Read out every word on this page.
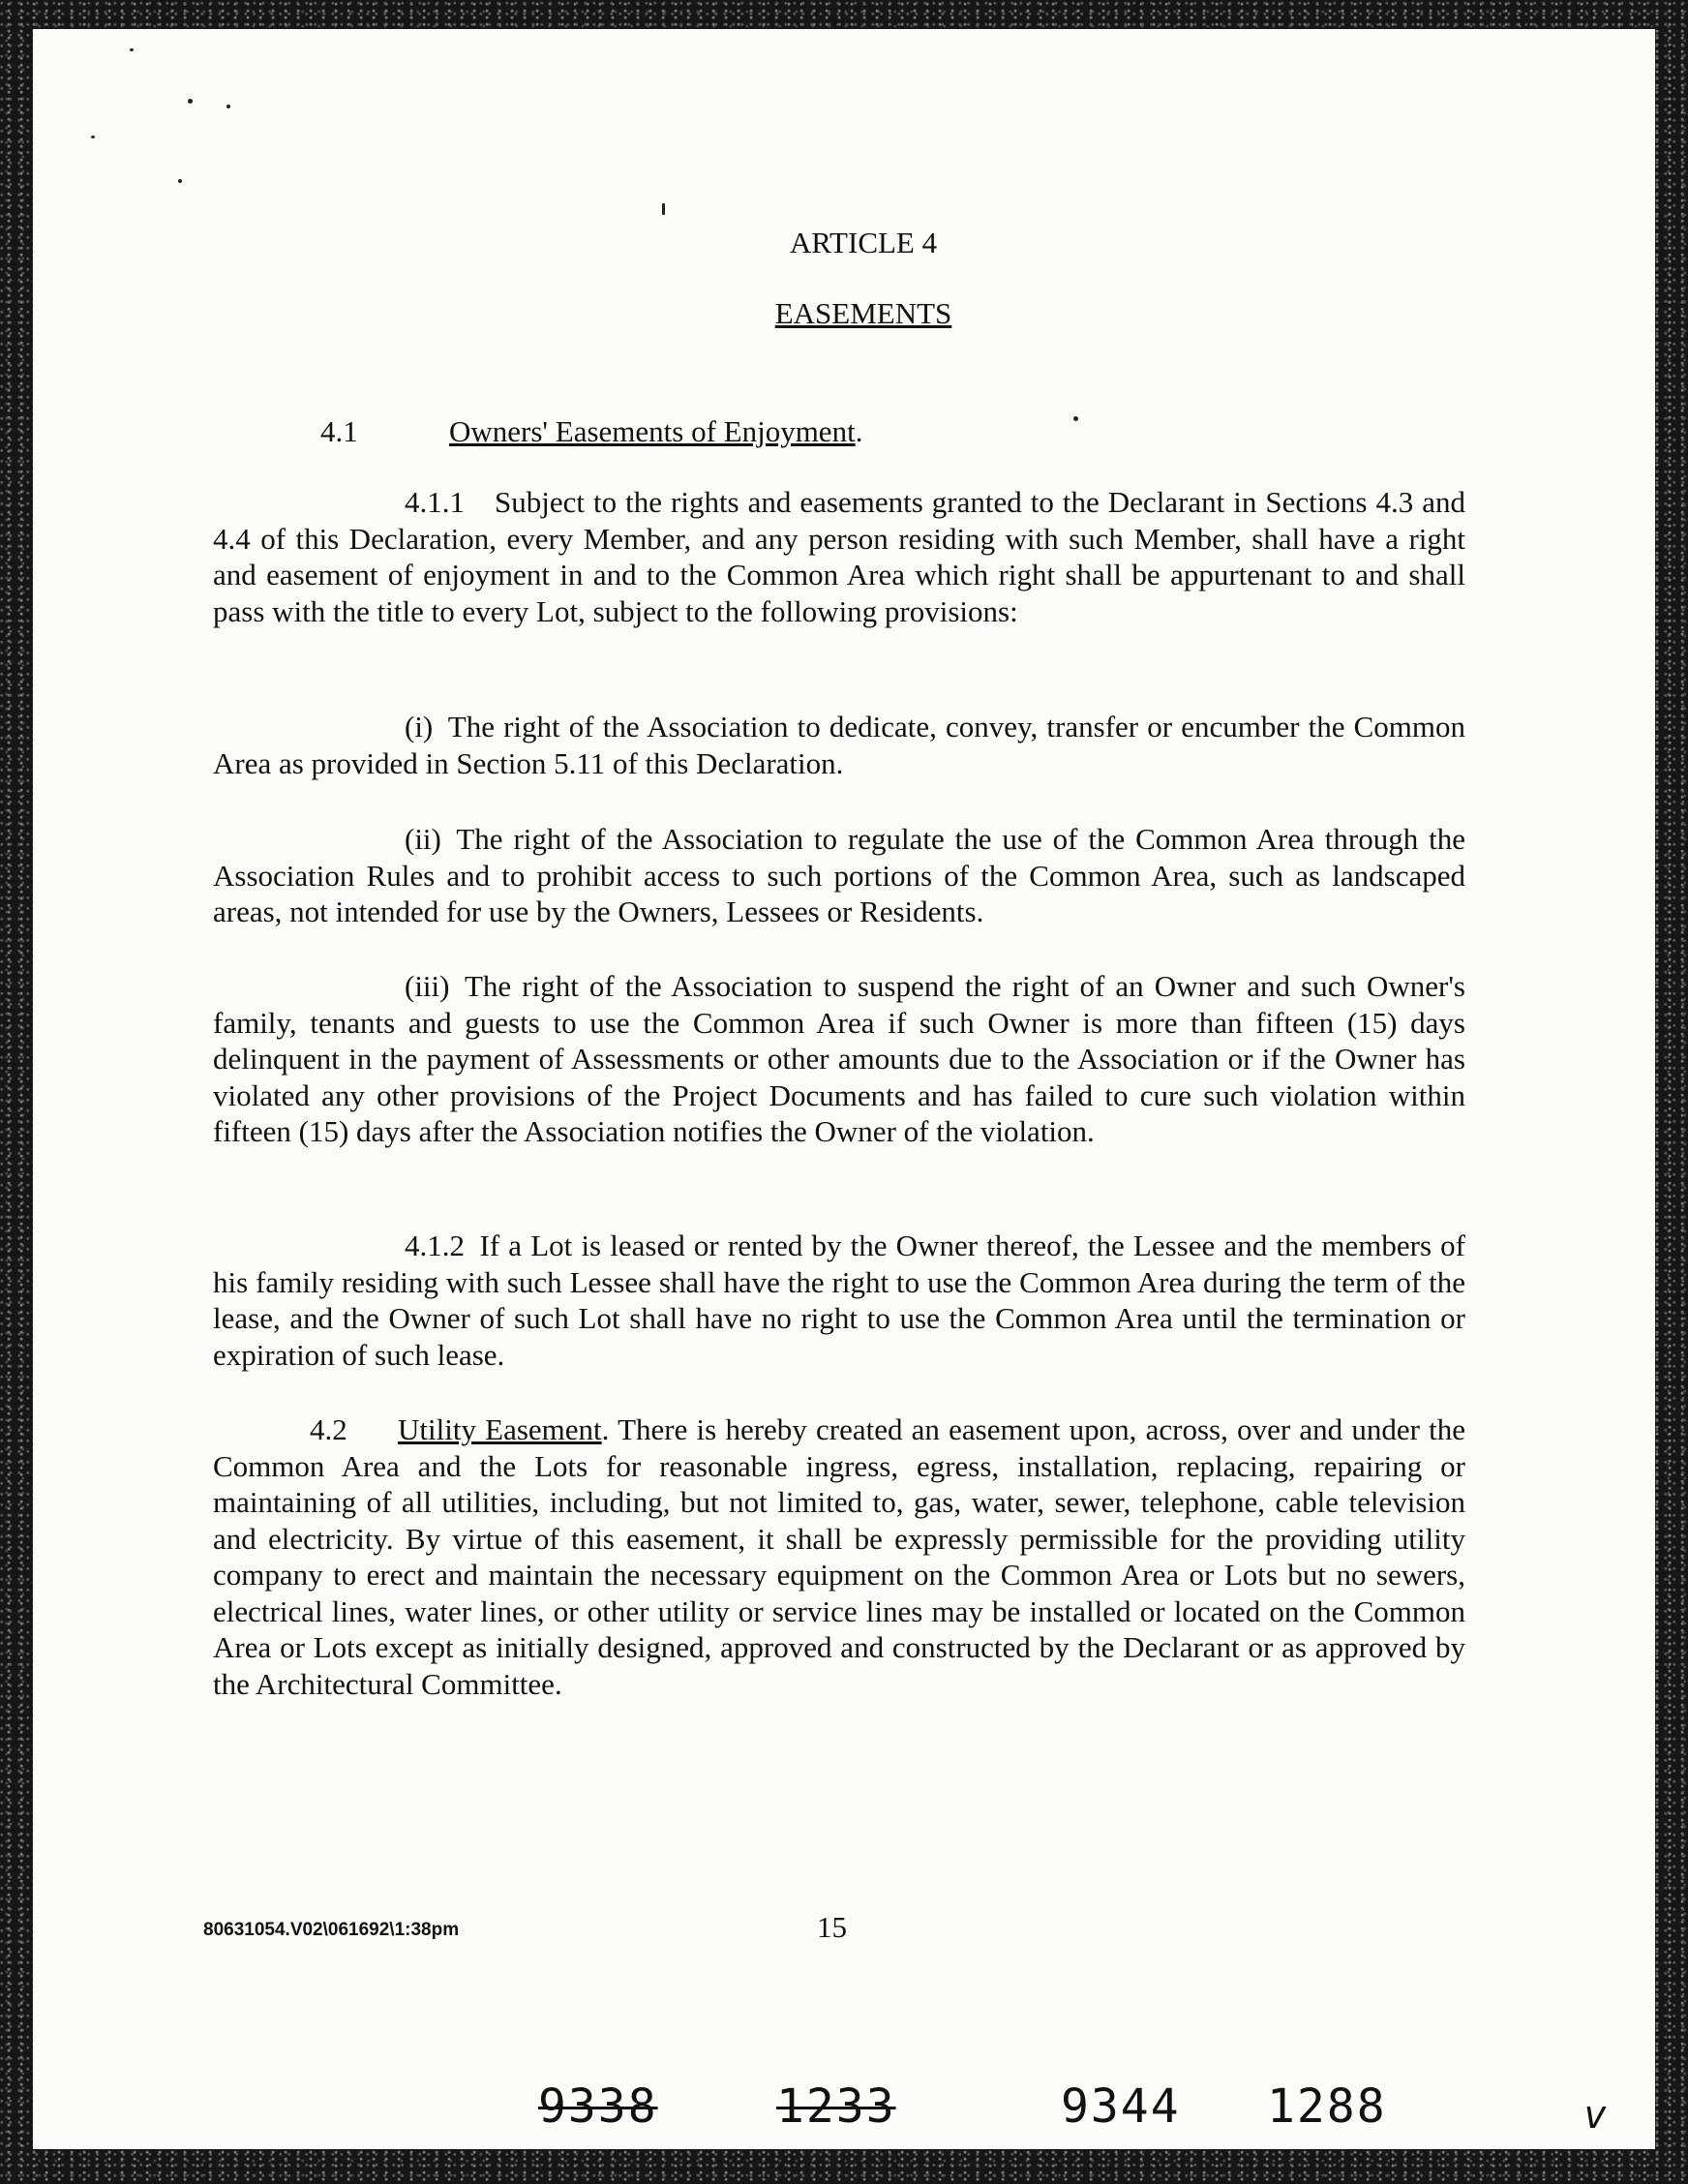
ARTICLE 4
EASEMENTS
4.1	Owners' Easements of Enjoyment.

4.1.1 Subject to the rights and easements granted to the Declarant in Sections 4.3 and 4.4 of this Declaration, every Member, and any person residing with such Member, shall have a right and easement of enjoyment in and to the Common Area which right shall be appurtenant to and shall pass with the title to every Lot, subject to the following provisions:

(i) The right of the Association to dedicate, convey, transfer or encumber the Common Area as provided in Section 5.11 of this Declaration.

(ii) The right of the Association to regulate the use of the Common Area through the Association Rules and to prohibit access to such portions of the Common Area, such as landscaped areas, not intended for use by the Owners, Lessees or Residents.

(iii) The right of the Association to suspend the right of an Owner and such Owner's family, tenants and guests to use the Common Area if such Owner is more than fifteen (15) days delinquent in the payment of Assessments or other amounts due to the Association or if the Owner has violated any other provisions of the Project Documents and has failed to cure such violation within fifteen (15) days after the Association notifies the Owner of the violation.

4.1.2 If a Lot is leased or rented by the Owner thereof, the Lessee and the members of his family residing with such Lessee shall have the right to use the Common Area during the term of the lease, and the Owner of such Lot shall have no right to use the Common Area until the termination or expiration of such lease.

4.2 Utility Easement. There is hereby created an easement upon, across, over and under the Common Area and the Lots for reasonable ingress, egress, installation, replacing, repairing or maintaining of all utilities, including, but not limited to, gas, water, sewer, telephone, cable television and electricity. By virtue of this easement, it shall be expressly permissible for the providing utility company to erect and maintain the necessary equipment on the Common Area or Lots but no sewers, electrical lines, water lines, or other utility or service lines may be installed or located on the Common Area or Lots except as initially designed, approved and constructed by the Declarant or as approved by the Architectural Committee.

80631054.V02\061692\1:38pm	15
9338	1233	9344 1288	v
